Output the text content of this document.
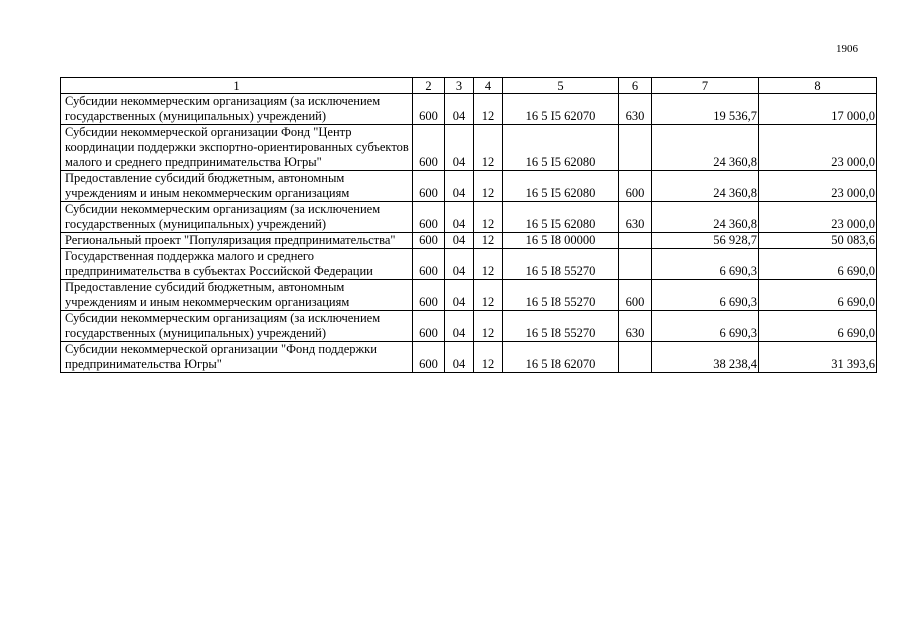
1906
1	2	3	4	5	6	7	8
Субсидии некоммерческим организациям (за исключением государственных (муниципальных) учреждений)	600	04	12	16 5 I5 62070	630	19 536,7	17 000,0
Субсидии некоммерческой организации Фонд "Центр координации поддержки экспортно-ориентированных субъектов малого и среднего предпринимательства Югры"	600	04	12	16 5 I5 62080		24 360,8	23 000,0
Предоставление субсидий бюджетным, автономным учреждениям и иным некоммерческим организациям	600	04	12	16 5 I5 62080	600	24 360,8	23 000,0
Субсидии некоммерческим организациям (за исключением государственных (муниципальных) учреждений)	600	04	12	16 5 I5 62080	630	24 360,8	23 000,0
Региональный проект "Популяризация предпринимательства"	600	04	12	16 5 I8 00000		56 928,7	50 083,6
Государственная поддержка малого и среднего предпринимательства в субъектах Российской Федерации	600	04	12	16 5 I8 55270		6 690,3	6 690,0
Предоставление субсидий бюджетным, автономным учреждениям и иным некоммерческим организациям	600	04	12	16 5 I8 55270	600	6 690,3	6 690,0
Субсидии некоммерческим организациям (за исключением государственных (муниципальных) учреждений)	600	04	12	16 5 I8 55270	630	6 690,3	6 690,0
Субсидии некоммерческой организации "Фонд поддержки предпринимательства Югры"	600	04	12	16 5 I8 62070		38 238,4	31 393,6
